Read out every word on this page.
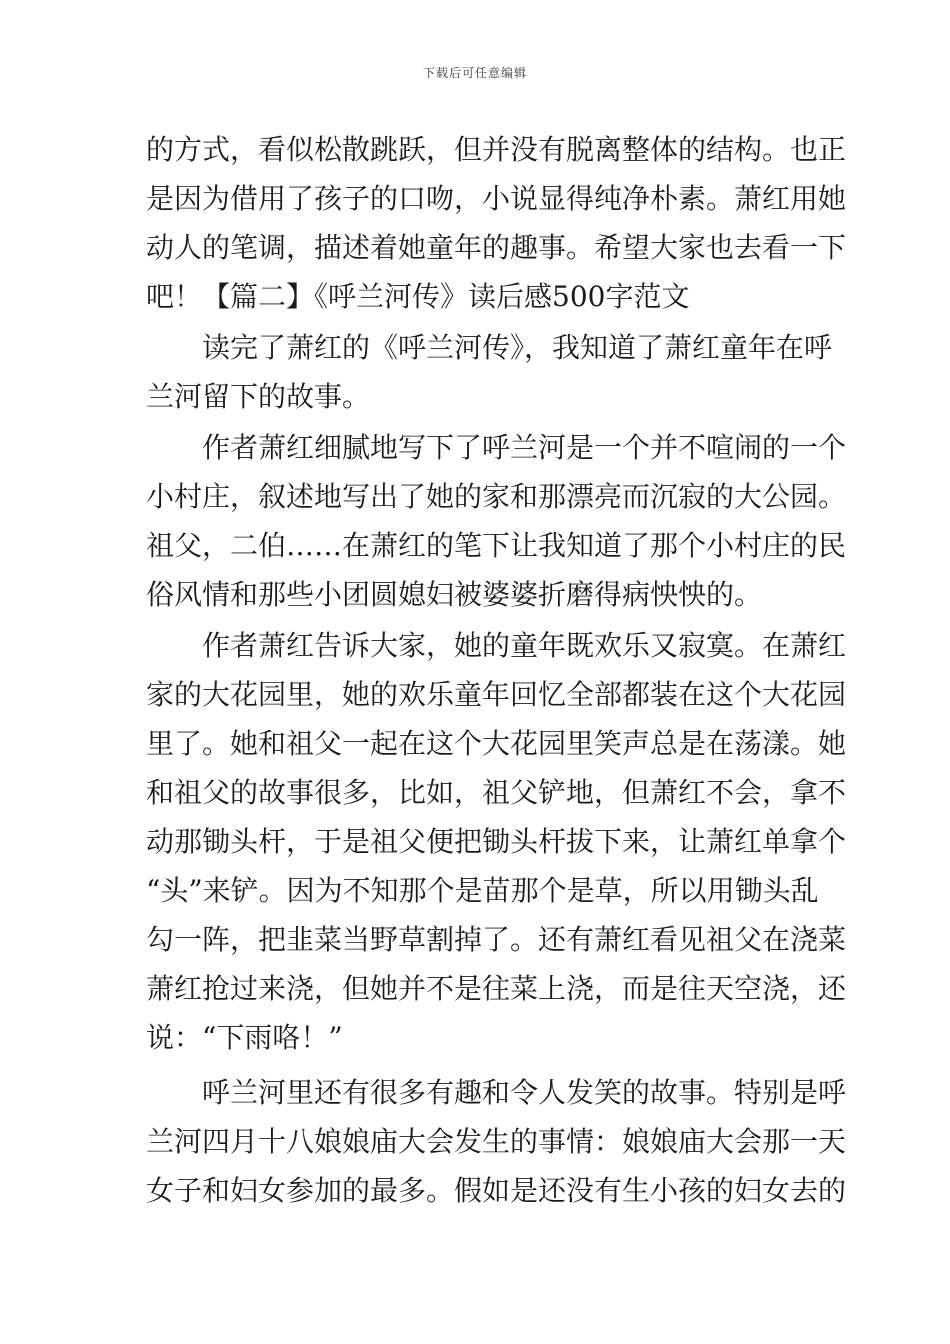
下载后可任意编辑
的方式，看似松散跳跃，但并没有脱离整体的结构。也正
是因为借用了孩子的口吻，小说显得纯净朴素。萧红用她
动人的笔调，描述着她童年的趣事。希望大家也去看一下
吧！【篇二】《呼兰河传》读后感500字范文
读完了萧红的《呼兰河传》，我知道了萧红童年在呼
兰河留下的故事。
作者萧红细腻地写下了呼兰河是一个并不喧闹的一个
小村庄，叙述地写出了她的家和那漂亮而沉寂的大公园。
祖父，二伯……在萧红的笔下让我知道了那个小村庄的民
俗风情和那些小团圆媳妇被婆婆折磨得病怏怏的。
作者萧红告诉大家，她的童年既欢乐又寂寞。在萧红
家的大花园里，她的欢乐童年回忆全部都装在这个大花园
里了。她和祖父一起在这个大花园里笑声总是在荡漾。她
和祖父的故事很多，比如，祖父铲地，但萧红不会，拿不
动那锄头杆，于是祖父便把锄头杆拔下来，让萧红单拿个
“头”来铲。因为不知那个是苗那个是草，所以用锄头乱
勾一阵，把韭菜当野草割掉了。还有萧红看见祖父在浇菜
萧红抢过来浇，但她并不是往菜上浇，而是往天空浇，还
说：“下雨咯！”
呼兰河里还有很多有趣和令人发笑的故事。特别是呼
兰河四月十八娘娘庙大会发生的事情：娘娘庙大会那一天
女子和妇女参加的最多。假如是还没有生小孩的妇女去的
